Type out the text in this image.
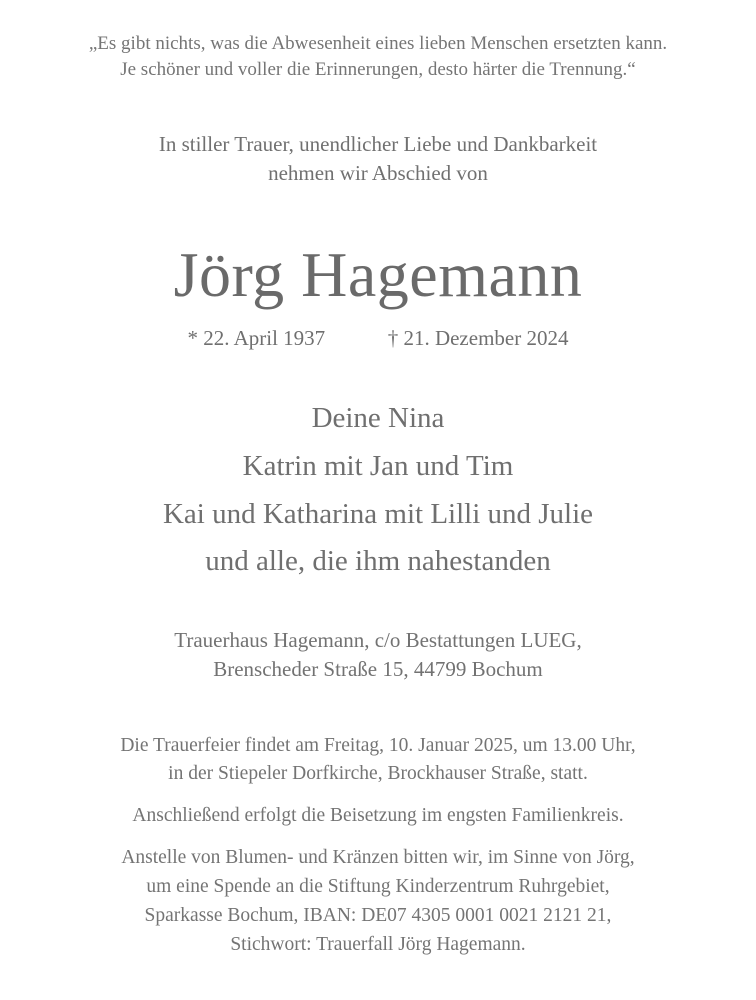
„Es gibt nichts, was die Abwesenheit eines lieben Menschen ersetzten kann.
Je schöner und voller die Erinnerungen, desto härter die Trennung.“
In stiller Trauer, unendlicher Liebe und Dankbarkeit
nehmen wir Abschied von
Jörg Hagemann
* 22. April 1937	† 21. Dezember 2024
Deine Nina
Katrin mit Jan und Tim
Kai und Katharina mit Lilli und Julie
und alle, die ihm nahestanden
Trauerhaus Hagemann, c/o Bestattungen LUEG,
Brenscheder Straße 15, 44799 Bochum
Die Trauerfeier findet am Freitag, 10. Januar 2025, um 13.00 Uhr,
in der Stiepeler Dorfkirche, Brockhauser Straße, statt.
Anschließend erfolgt die Beisetzung im engsten Familienkreis.
Anstelle von Blumen- und Kränzen bitten wir, im Sinne von Jörg,
um eine Spende an die Stiftung Kinderzentrum Ruhrgebiet,
Sparkasse Bochum, IBAN: DE07 4305 0001 0021 2121 21,
Stichwort: Trauerfall Jörg Hagemann.
